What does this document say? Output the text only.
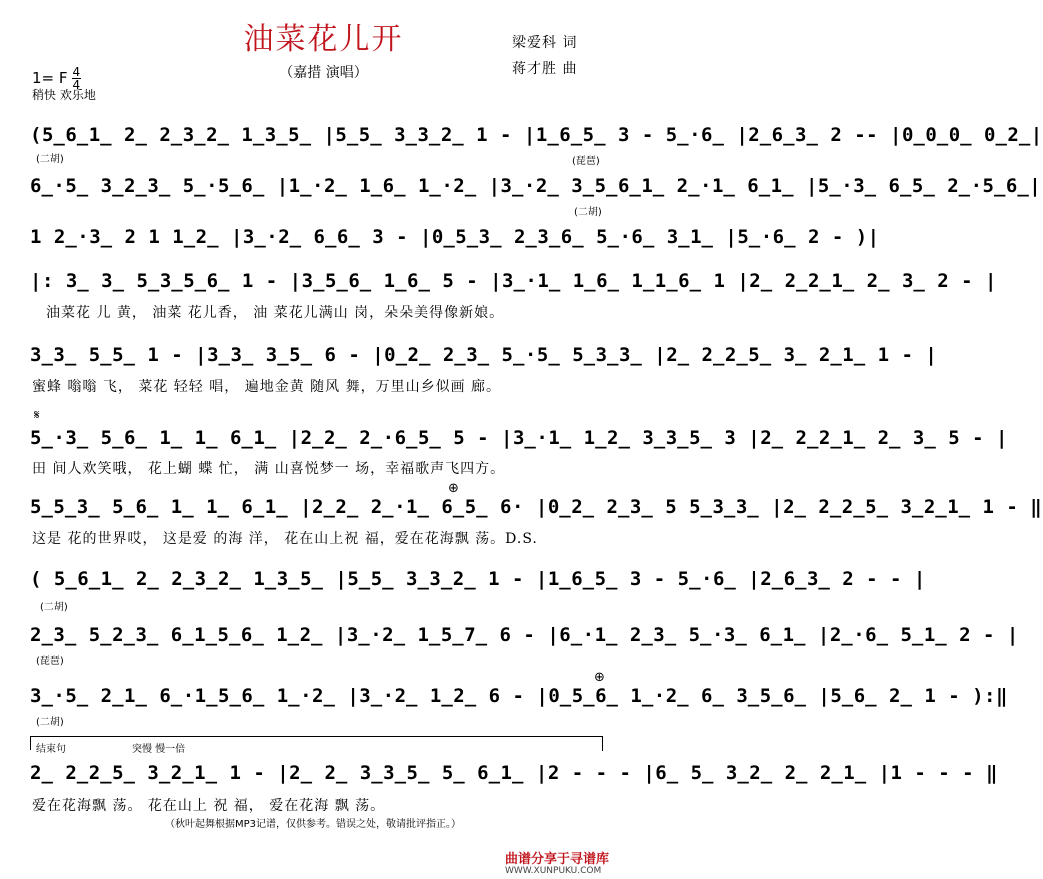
油菜花儿开
（嘉措 演唱）
梁爱科 词
蒋才胜 曲
1= F $\frac{4}{4}$
稍快 欢乐地
(5̲6̲1̲ 2̲ 2̲3̲2̲ 1̲3̲5̲ |5̲5̲ 3̲3̲2̲ 1 - |1̲6̲5̲ 3 - 5̲·6̲ |2̲6̲3̲ 2 -- |0̲0̲0̲ 0̲2̲|
(二胡)	(琵琶)
6̲·5̲ 3̲2̲3̲ 5̲·5̲6̲ |1̲·2̲ 1̲6̲ 1̲·2̲ |3̲·2̲ 3̲5̲6̲1̲ 2̲·1̲ 6̲1̲ |5̲·3̲ 6̲5̲ 2̲·5̲6̲|
(二胡)
1 2̲·3̲ 2 1 1̲2̲ |3̲·2̲ 6̲6̲ 3 - |0̲5̲3̲ 2̲3̲6̲ 5̲·6̲ 3̲1̲ |5̲·6̲ 2 - )|
|: 3̲ 3̲ 5̲3̲5̲6̲ 1 - |3̲5̲6̲ 1̲6̲ 5 - |3̲·1̲ 1̲6̲ 1̲1̲6̲ 1 |2̲ 2̲2̲1̲ 2̲ 3̲ 2 - |
油菜花 儿 黄， 油菜 花儿香， 油 菜花儿满山 岗，朵朵美得像新娘。
3̲3̲ 5̲5̲ 1 - |3̲3̲ 3̲5̲ 6 - |0̲2̲ 2̲3̲ 5̲·5̲ 5̲3̲3̲ |2̲ 2̲2̲5̲ 3̲ 2̲1̲ 1 - |
蜜蜂 嗡嗡 飞， 菜花 轻轻 唱， 遍地金黄 随风 舞，万里山乡似画 廊。
𝄋
5̲·3̲ 5̲6̲ 1̲ 1̲ 6̲1̲ |2̲2̲ 2̲·6̲5̲ 5 - |3̲·1̲ 1̲2̲ 3̲3̲5̲ 3 |2̲ 2̲2̲1̲ 2̲ 3̲ 5 - |
田 间人欢笑哦， 花上蝴 蝶 忙， 满 山喜悦梦一 场，幸福歌声飞四方。
⊕
5̲5̲3̲ 5̲6̲ 1̲ 1̲ 6̲1̲ |2̲2̲ 2̲·1̲ 6̲5̲ 6· |0̲2̲ 2̲3̲ 5 5̲3̲3̲ |2̲ 2̲2̲5̲ 3̲2̲1̲ 1 - ‖
这是 花的世界哎， 这是爱 的海 洋， 花在山上祝 福，爱在花海飘 荡。D.S.
( 5̲6̲1̲ 2̲ 2̲3̲2̲ 1̲3̲5̲ |5̲5̲ 3̲3̲2̲ 1 - |1̲6̲5̲ 3 - 5̲·6̲ |2̲6̲3̲ 2 - - |
(二胡)
2̲3̲ 5̲2̲3̲ 6̲1̲5̲6̲ 1̲2̲ |3̲·2̲ 1̲5̲7̲ 6 - |6̲·1̲ 2̲3̲ 5̲·3̲ 6̲1̲ |2̲·6̲ 5̲1̲ 2 - |
(琵琶)
⊕
3̲·5̲ 2̲1̲ 6̲·1̲5̲6̲ 1̲·2̲ |3̲·2̲ 1̲2̲ 6 - |0̲5̲6̲ 1̲·2̲ 6̲ 3̲5̲6̲ |5̲6̲ 2̲ 1 - ):‖
(二胡)
结束句	突慢 慢一倍
2̲ 2̲2̲5̲ 3̲2̲1̲ 1 - |2̲ 2̲ 3̲3̲5̲ 5̲ 6̲1̲ |2 - - - |6̲ 5̲ 3̲2̲ 2̲ 2̲1̲ |1 - - - ‖
爱在花海飘 荡。 花在山上 祝 福， 爱在花海 飘 荡。
（秋叶起舞根据MP3记谱，仅供参考。错误之处，敬请批评指正。）
曲谱分享于寻谱库
WWW.XUNPUKU.COM
